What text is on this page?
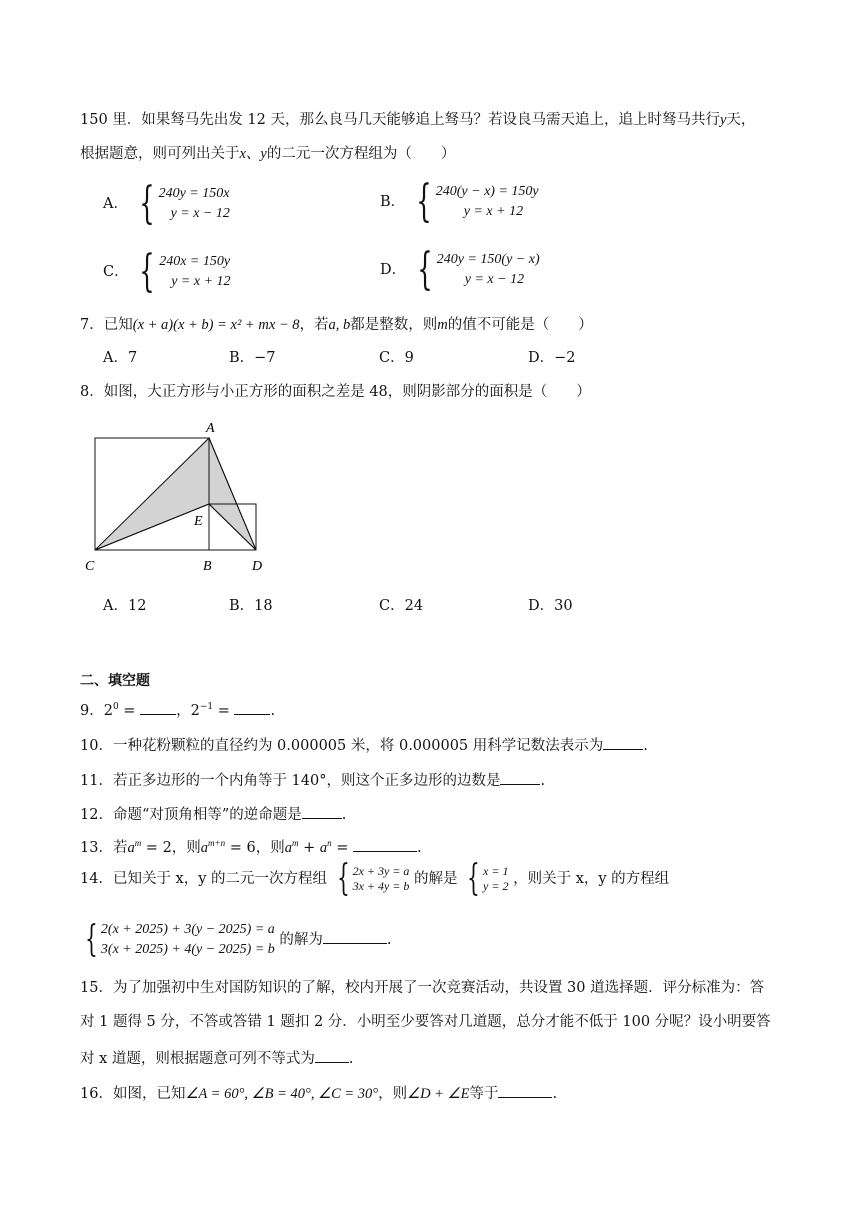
150 里．如果驽马先出发 12 天，那么良马几天能够追上驽马？若设良马需天追上，追上时驽马共行y天，
根据题意，则可列出关于x、y的二元一次方程组为（　　）
A． { 240y = 150x
y = x − 12
B． { 240(y − x) = 150y
y = x + 12
C． { 240x = 150y
y = x + 12
D． { 240y = 150(y − x)
y = x − 12
7．已知(x + a)(x + b) = x² + mx − 8，若a, b都是整数，则m的值不可能是（　　）
A．7	B．−7	C．9	D．−2
8．如图，大正方形与小正方形的面积之差是 48，则阴影部分的面积是（　　）
A
E
C	B	D
A．12	B．18	C．24	D．30
二、填空题
9．$2^0$ =	，$2^{-1}$ =	.
10．一种花粉颗粒的直径约为 0.000005 米，将 0.000005 用科学记数法表示为	.
11．若正多边形的一个内角等于 140°，则这个正多边形的边数是	.
12．命题“对顶角相等”的逆命题是	.
13．若$a^m = 2$，则$a^{m+n} = 6$，则$a^m + a^n$ =	.
14．已知关于 x，y 的二元一次方程组 { 2x + 3y = a
3x + 4y = b 的解是 { x = 1
y = 2 ，则关于 x，y 的方程组
{ 2(x + 2025) + 3(y − 2025) = a
3(x + 2025) + 4(y − 2025) = b
的解为	.
15．为了加强初中生对国防知识的了解，校内开展了一次竞赛活动，共设置 30 道选择题．评分标准为：答
对 1 题得 5 分，不答或答错 1 题扣 2 分．小明至少要答对几道题，总分才能不低于 100 分呢？设小明要答
对 x 道题，则根据题意可列不等式为 .
16．如图，已知∠A = 60°, ∠B = 40°, ∠C = 30°，则∠D + ∠E等于	.
